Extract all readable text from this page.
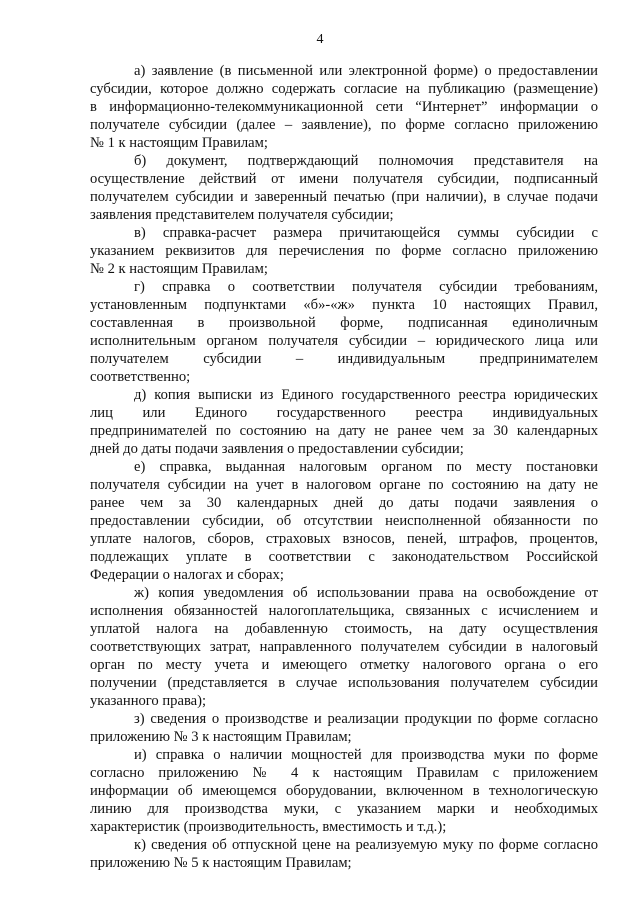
4
а) заявление (в письменной или электронной форме) о предоставлении
субсидии, которое должно содержать согласие на публикацию (размещение)
в информационно-телекоммуникационной сети “Интернет” информации о
получателе субсидии (далее – заявление), по форме согласно приложению
№ 1 к настоящим Правилам;
б) документ, подтверждающий полномочия представителя на
осуществление действий от имени получателя субсидии, подписанный
получателем субсидии и заверенный печатью (при наличии), в случае подачи
заявления представителем получателя субсидии;
в) справка-расчет размера причитающейся суммы субсидии с
указанием реквизитов для перечисления по форме согласно приложению
№ 2 к настоящим Правилам;
г) справка о соответствии получателя субсидии требованиям,
установленным подпунктами «б»-«ж» пункта 10 настоящих Правил,
составленная в произвольной форме, подписанная единоличным
исполнительным органом получателя субсидии – юридического лица или
получателем субсидии – индивидуальным предпринимателем
соответственно;
д) копия выписки из Единого государственного реестра юридических
лиц или Единого государственного реестра индивидуальных
предпринимателей по состоянию на дату не ранее чем за 30 календарных
дней до даты подачи заявления о предоставлении субсидии;
е) справка, выданная налоговым органом по месту постановки
получателя субсидии на учет в налоговом органе по состоянию на дату не
ранее чем за 30 календарных дней до даты подачи заявления о
предоставлении субсидии, об отсутствии неисполненной обязанности по
уплате налогов, сборов, страховых взносов, пеней, штрафов, процентов,
подлежащих уплате в соответствии с законодательством Российской
Федерации о налогах и сборах;
ж) копия уведомления об использовании права на освобождение от
исполнения обязанностей налогоплательщика, связанных с исчислением и
уплатой налога на добавленную стоимость, на дату осуществления
соответствующих затрат, направленного получателем субсидии в налоговый
орган по месту учета и имеющего отметку налогового органа о его
получении (представляется в случае использования получателем субсидии
указанного права);
з) сведения о производстве и реализации продукции по форме согласно
приложению № 3 к настоящим Правилам;
и) справка о наличии мощностей для производства муки по форме
согласно приложению № 4 к настоящим Правилам с приложением
информации об имеющемся оборудовании, включенном в технологическую
линию для производства муки, с указанием марки и необходимых
характеристик (производительность, вместимость и т.д.);
к) сведения об отпускной цене на реализуемую муку по форме согласно
приложению № 5 к настоящим Правилам;
